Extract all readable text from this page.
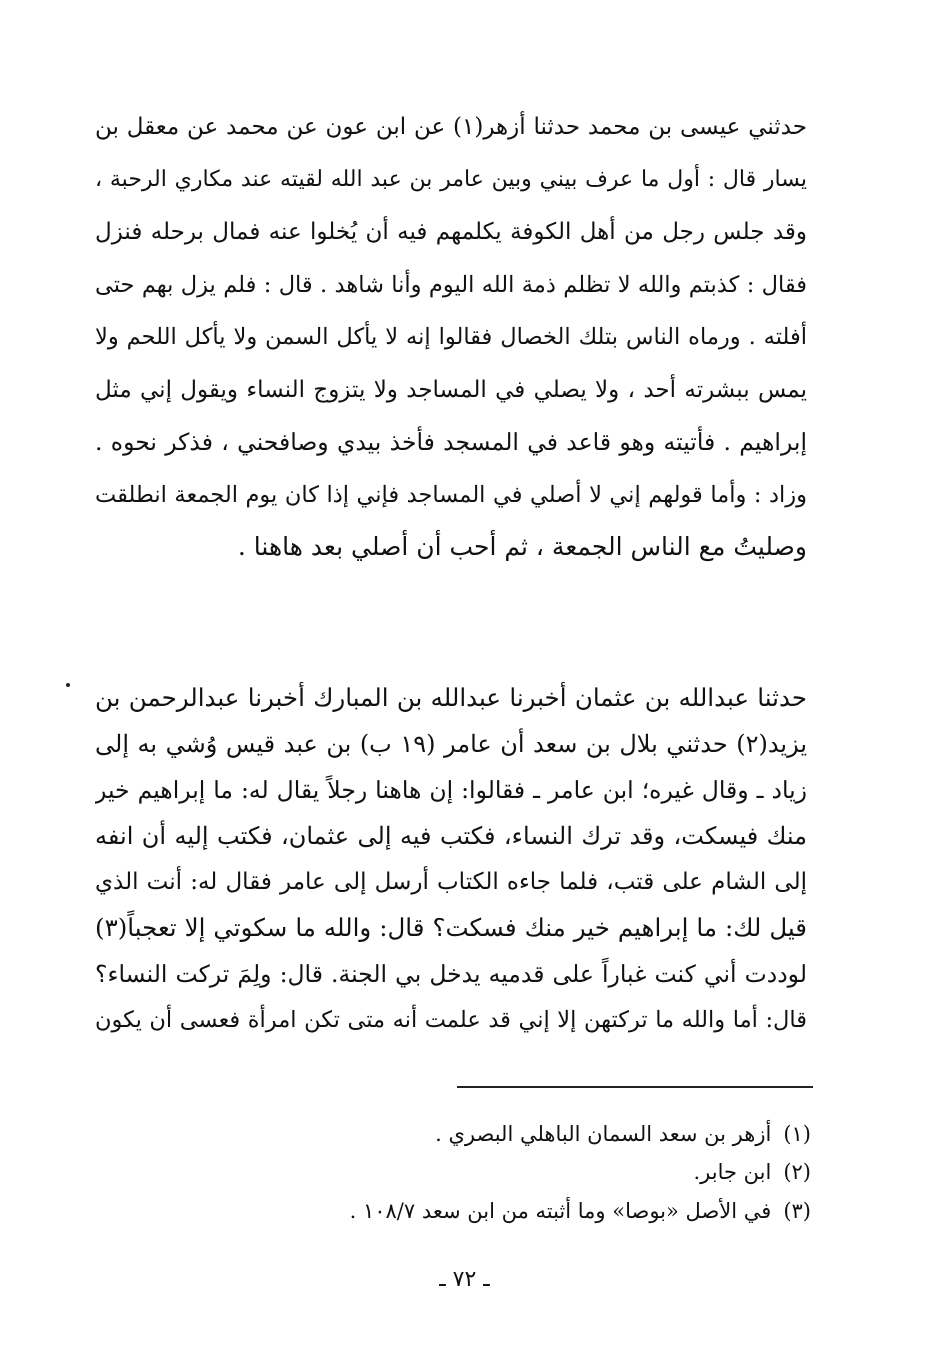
حدثني عيسى بن محمد حدثنا أزهر(١) عن ابن عون عن محمد عن معقل بن
يسار قال : أول ما عرف بيني وبين عامر بن عبد الله لقيته عند مكاري الرحبة ،
وقد جلس رجل من أهل الكوفة يكلمهم فيه أن يُخلوا عنه فمال برحله فنزل
فقال : كذبتم والله لا تظلم ذمة الله اليوم وأنا شاهد . قال : فلم يزل بهم حتى
أفلته . ورماه الناس بتلك الخصال فقالوا إنه لا يأكل السمن ولا يأكل اللحم ولا
يمس ببشرته أحد ، ولا يصلي في المساجد ولا يتزوج النساء ويقول إني مثل
إبراهيم . فأتيته وهو قاعد في المسجد فأخذ بيدي وصافحني ، فذكر نحوه .
وزاد : وأما قولهم إني لا أصلي في المساجد فإني إذا كان يوم الجمعة انطلقت
وصليتُ مع الناس الجمعة ، ثم أحب أن أصلي بعد هاهنا .
حدثنا عبدالله بن عثمان أخبرنا عبدالله بن المبارك أخبرنا عبدالرحمن بن
يزيد(٢) حدثني بلال بن سعد أن عامر (١٩ ب) بن عبد قيس وُشي به إلى
زياد ـ وقال غيره؛ ابن عامر ـ فقالوا: إن هاهنا رجلاً يقال له: ما إبراهيم خير
منك فيسكت، وقد ترك النساء، فكتب فيه إلى عثمان، فكتب إليه أن انفه
إلى الشام على قتب، فلما جاءه الكتاب أرسل إلى عامر فقال له: أنت الذي
قيل لك: ما إبراهيم خير منك فسكت؟ قال: والله ما سكوتي إلا تعجباً(٣)
لوددت أني كنت غباراً على قدميه يدخل بي الجنة. قال: ولِمَ تركت النساء؟
قال: أما والله ما تركتهن إلا إني قد علمت أنه متى تكن امرأة فعسى أن يكون
(١)أزهر بن سعد السمان الباهلي البصري .
(٢)ابن جابر.
(٣)في الأصل «بوصا» وما أثبته من ابن سعد ١٠٨/٧ .
ـ ٧٢ ـ
